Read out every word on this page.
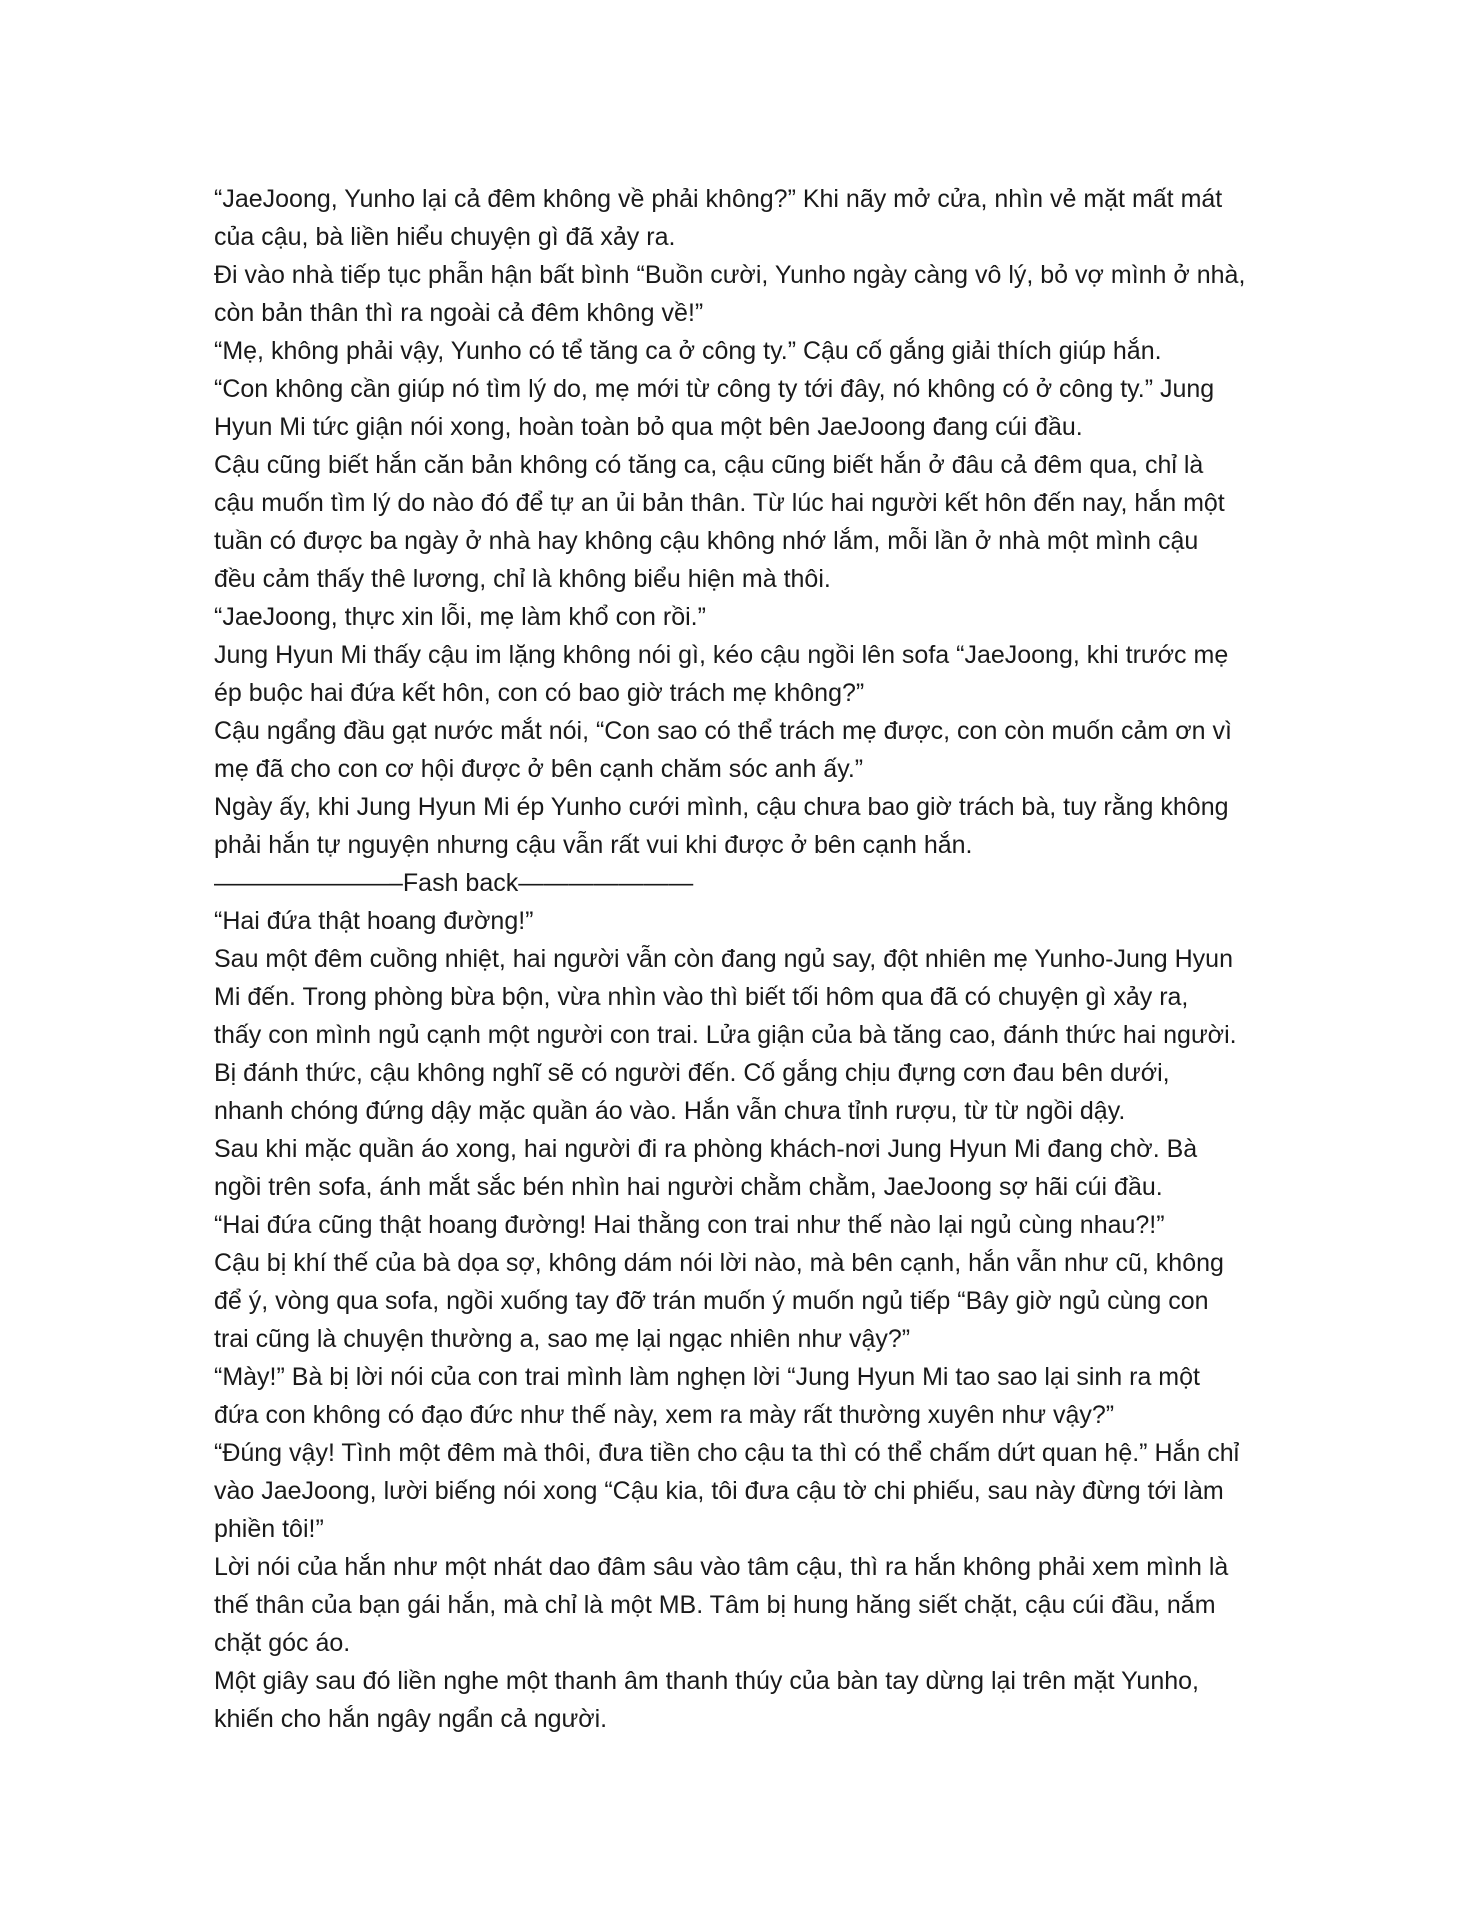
“JaeJoong, Yunho lại cả đêm không về phải không?” Khi nãy mở cửa, nhìn vẻ mặt mất mát

của cậu, bà liền hiểu chuyện gì đã xảy ra.

Đi vào nhà tiếp tục phẫn hận bất bình “Buồn cười, Yunho ngày càng vô lý, bỏ vợ mình ở nhà,

còn bản thân thì ra ngoài cả đêm không về!”

“Mẹ, không phải vậy, Yunho có tể tăng ca ở công ty.” Cậu cố gắng giải thích giúp hắn.

“Con không cần giúp nó tìm lý do, mẹ mới từ công ty tới đây, nó không có ở công ty.” Jung

Hyun Mi tức giận nói xong, hoàn toàn bỏ qua một bên JaeJoong đang cúi đầu.

Cậu cũng biết hắn căn bản không có tăng ca, cậu cũng biết hắn ở đâu cả đêm qua, chỉ là

cậu muốn tìm lý do nào đó để tự an ủi bản thân. Từ lúc hai người kết hôn đến nay, hắn một

tuần có được ba ngày ở nhà hay không cậu không nhớ lắm, mỗi lần ở nhà một mình cậu

đều cảm thấy thê lương, chỉ là không biểu hiện mà thôi.

“JaeJoong, thực xin lỗi, mẹ làm khổ con rồi.”

Jung Hyun Mi thấy cậu im lặng không nói gì, kéo cậu ngồi lên sofa “JaeJoong, khi trước mẹ

ép buộc hai đứa kết hôn, con có bao giờ trách mẹ không?”

Cậu ngẩng đầu gạt nước mắt nói, “Con sao có thể trách mẹ được, con còn muốn cảm ơn vì

mẹ đã cho con cơ hội được ở bên cạnh chăm sóc anh ấy.”

Ngày ấy, khi Jung Hyun Mi ép Yunho cưới mình, cậu chưa bao giờ trách bà, tuy rằng không

phải hắn tự nguyện nhưng cậu vẫn rất vui khi được ở bên cạnh hắn.

———————–Fash back———————

“Hai đứa thật hoang đường!”

Sau một đêm cuồng nhiệt, hai người vẫn còn đang ngủ say, đột nhiên mẹ Yunho-Jung Hyun

Mi đến. Trong phòng bừa bộn, vừa nhìn vào thì biết tối hôm qua đã có chuyện gì xảy ra,

thấy con mình ngủ cạnh một người con trai. Lửa giận của bà tăng cao, đánh thức hai người.

Bị đánh thức, cậu không nghĩ sẽ có người đến. Cố gắng chịu đựng cơn đau bên dưới,

nhanh chóng đứng dậy mặc quần áo vào. Hắn vẫn chưa tỉnh rượu, từ từ ngồi dậy.

Sau khi mặc quần áo xong, hai người đi ra phòng khách-nơi Jung Hyun Mi đang chờ. Bà

ngồi trên sofa, ánh mắt sắc bén nhìn hai người chằm chằm, JaeJoong sợ hãi cúi đầu.

“Hai đứa cũng thật hoang đường! Hai thằng con trai như thế nào lại ngủ cùng nhau?!”

Cậu bị khí thế của bà dọa sợ, không dám nói lời nào, mà bên cạnh, hắn vẫn như cũ, không

để ý, vòng qua sofa, ngồi xuống tay đỡ trán muốn ý muốn ngủ tiếp “Bây giờ ngủ cùng con

trai cũng là chuyện thường a, sao mẹ lại ngạc nhiên như vậy?”

“Mày!” Bà bị lời nói của con trai mình làm nghẹn lời “Jung Hyun Mi tao sao lại sinh ra một

đứa con không có đạo đức như thế này, xem ra mày rất thường xuyên như vậy?”

“Đúng vậy! Tình một đêm mà thôi, đưa tiền cho cậu ta thì có thể chấm dứt quan hệ.” Hắn chỉ

vào JaeJoong, lười biếng nói xong “Cậu kia, tôi đưa cậu tờ chi phiếu, sau này đừng tới làm

phiền tôi!”

Lời nói của hắn như một nhát dao đâm sâu vào tâm cậu, thì ra hắn không phải xem mình là

thế thân của bạn gái hắn, mà chỉ là một MB. Tâm bị hung hăng siết chặt, cậu cúi đầu, nắm

chặt góc áo.

Một giây sau đó liền nghe một thanh âm thanh thúy của bàn tay dừng lại trên mặt Yunho,

khiến cho hắn ngây ngẩn cả người.
